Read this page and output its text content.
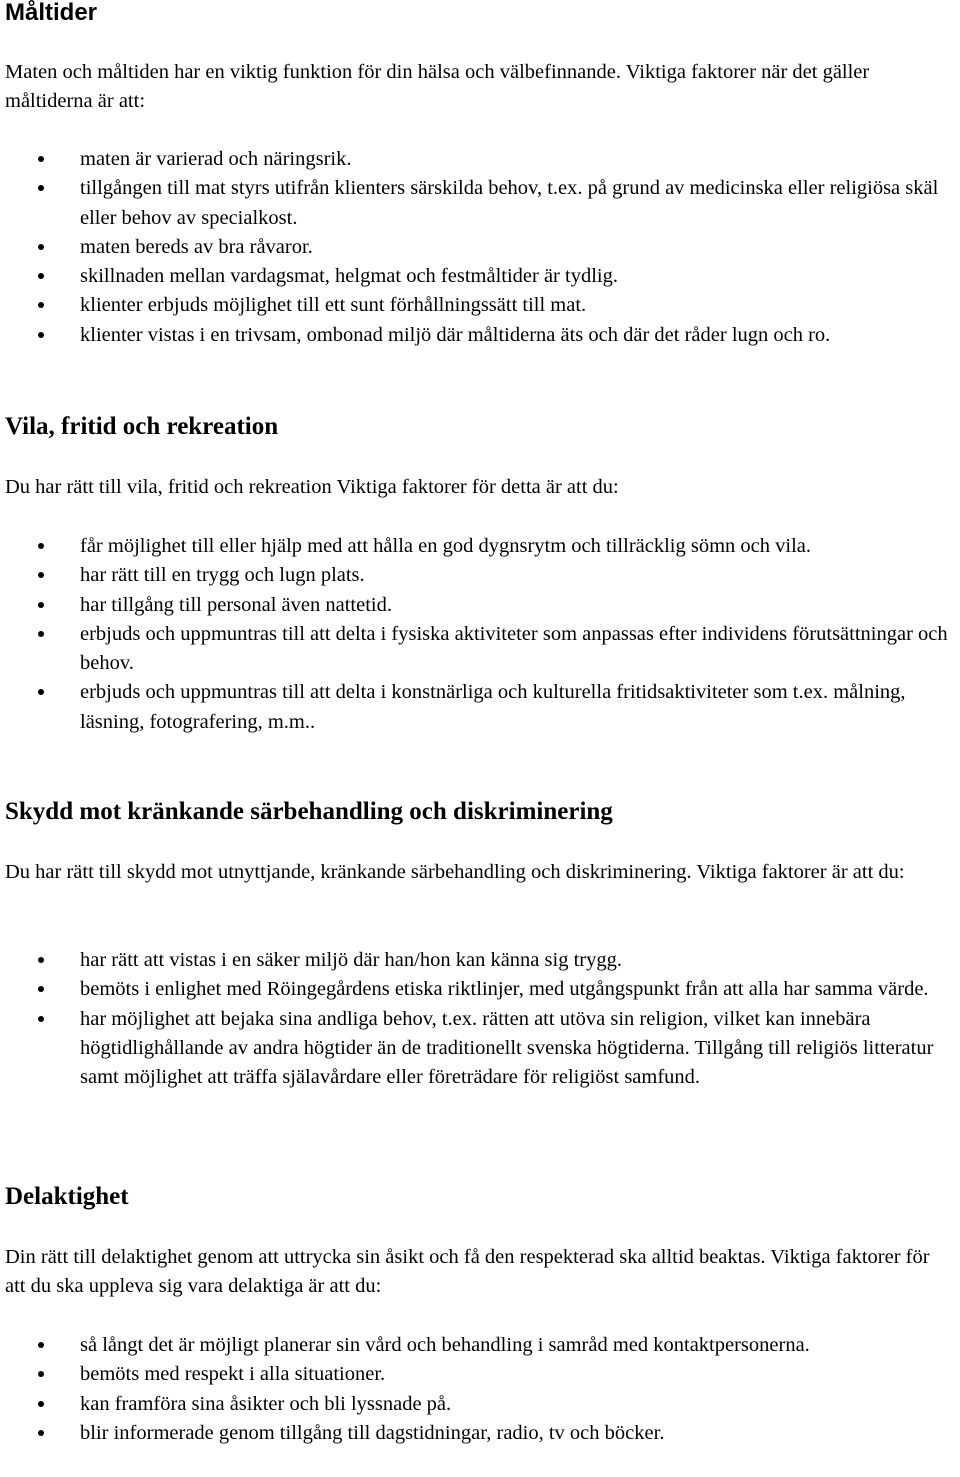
Måltider

Maten och måltiden har en viktig funktion för din hälsa och välbefinnande. Viktiga faktorer när det gäller måltiderna är att:

maten är varierad och näringsrik.
tillgången till mat styrs utifrån klienters särskilda behov, t.ex. på grund av medicinska eller religiösa skäl eller behov av specialkost.
maten bereds av bra råvaror.
skillnaden mellan vardagsmat, helgmat och festmåltider är tydlig.
klienter erbjuds möjlighet till ett sunt förhållningssätt till mat.
klienter vistas i en trivsam, ombonad miljö där måltiderna äts och där det råder lugn och ro.
Vila, fritid och rekreation

Du har rätt till vila, fritid och rekreation Viktiga faktorer för detta är att du:

får möjlighet till eller hjälp med att hålla en god dygnsrytm och tillräcklig sömn och vila.
har rätt till en trygg och lugn plats.
har tillgång till personal även nattetid.
erbjuds och uppmuntras till att delta i fysiska aktiviteter som anpassas efter individens förutsättningar och behov.
erbjuds och uppmuntras till att delta i konstnärliga och kulturella fritidsaktiviteter som t.ex. målning, läsning, fotografering, m.m..
Skydd mot kränkande särbehandling och diskriminering

Du har rätt till skydd mot utnyttjande, kränkande särbehandling och diskriminering. Viktiga faktorer är att du:

har rätt att vistas i en säker miljö där han/hon kan känna sig trygg.
bemöts i enlighet med Röingegårdens etiska riktlinjer, med utgångspunkt från att alla har samma värde.
har möjlighet att bejaka sina andliga behov, t.ex. rätten att utöva sin religion, vilket kan innebära högtidlighållande av andra högtider än de traditionellt svenska högtiderna. Tillgång till religiös litteratur samt möjlighet att träffa själavårdare eller företrädare för religiöst samfund.
Delaktighet

Din rätt till delaktighet genom att uttrycka sin åsikt och få den respekterad ska alltid beaktas. Viktiga faktorer för att du ska uppleva sig vara delaktiga är att du:

så långt det är möjligt planerar sin vård och behandling i samråd med kontaktpersonerna.
bemöts med respekt i alla situationer.
kan framföra sina åsikter och bli lyssnade på.
blir informerade genom tillgång till dagstidningar, radio, tv och böcker.
